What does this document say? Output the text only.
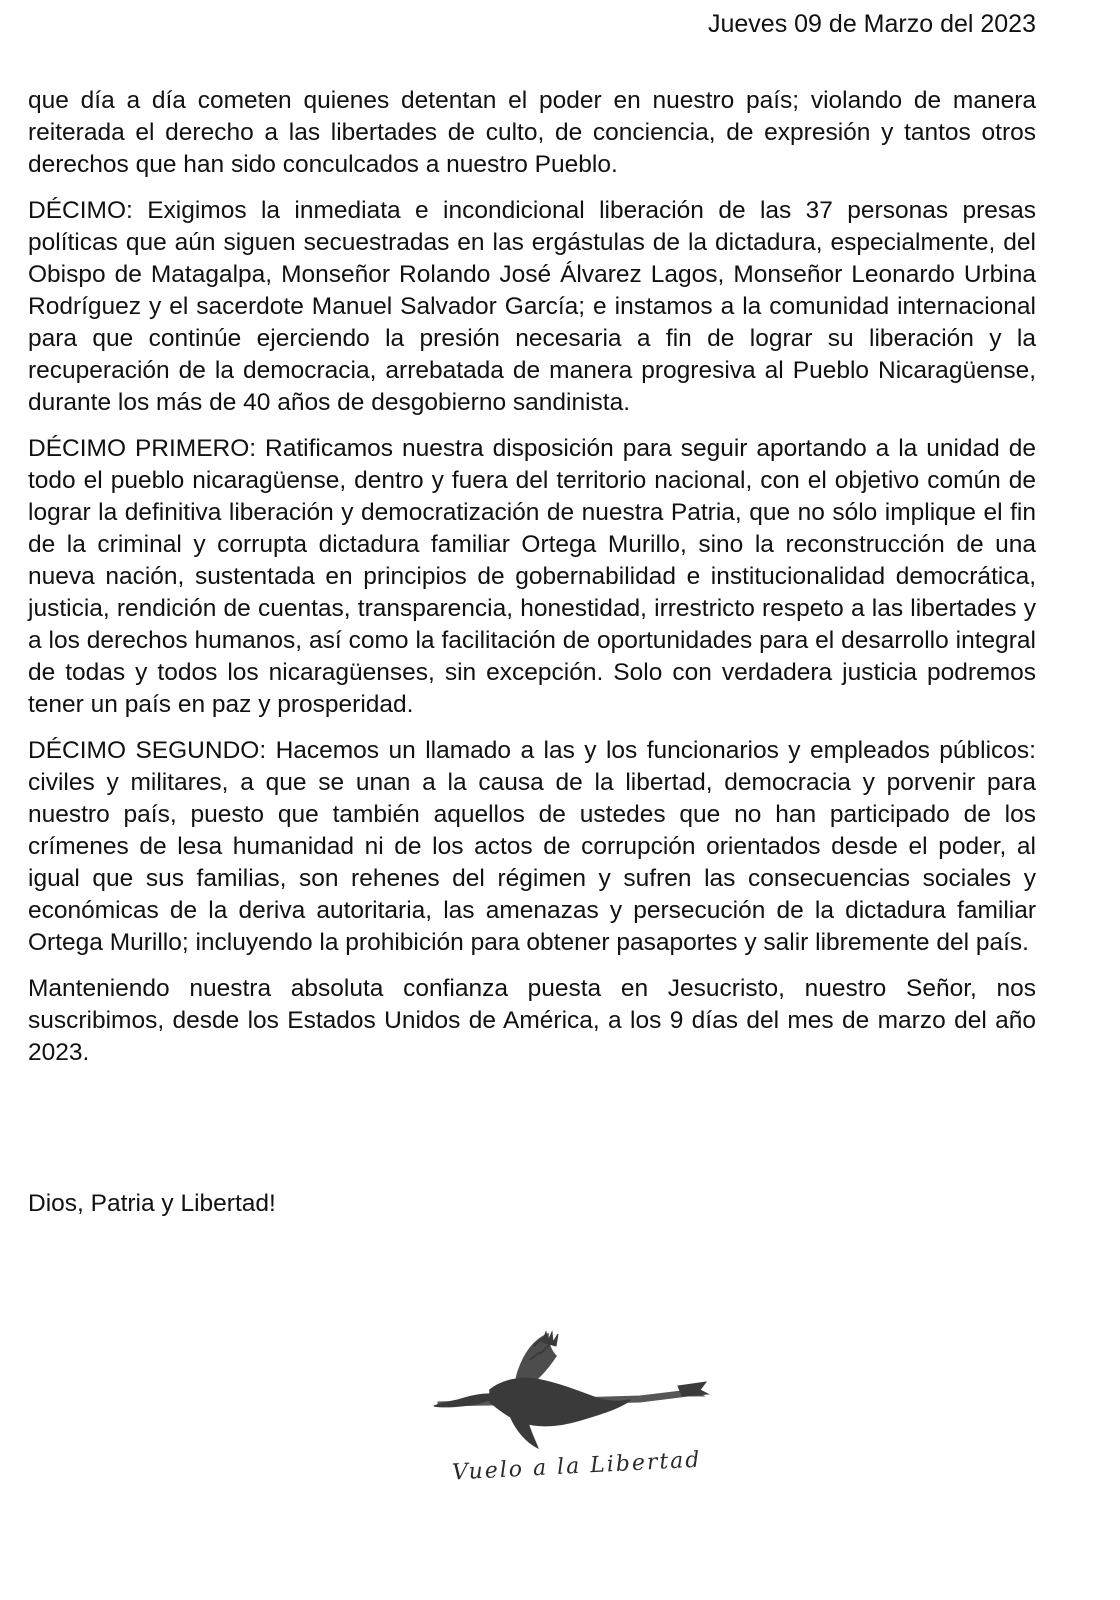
Jueves 09 de Marzo del 2023

que día a día cometen quienes detentan el poder en nuestro país; violando de manera reiterada el derecho a las libertades de culto, de conciencia, de expresión y tantos otros derechos que han sido conculcados a nuestro Pueblo.

DÉCIMO: Exigimos la inmediata e incondicional liberación de las 37 personas presas políticas que aún siguen secuestradas en las ergástulas de la dictadura, especialmente, del Obispo de Matagalpa, Monseñor Rolando José Álvarez Lagos, Monseñor Leonardo Urbina Rodríguez y el sacerdote Manuel Salvador García; e instamos a la comunidad internacional para que continúe ejerciendo la presión necesaria a fin de lograr su liberación y la recuperación de la democracia, arrebatada de manera progresiva al Pueblo Nicaragüense, durante los más de 40 años de desgobierno sandinista.

DÉCIMO PRIMERO: Ratificamos nuestra disposición para seguir aportando a la unidad de todo el pueblo nicaragüense, dentro y fuera del territorio nacional, con el objetivo común de lograr la definitiva liberación y democratización de nuestra Patria, que no sólo implique el fin de la criminal y corrupta dictadura familiar Ortega Murillo, sino la reconstrucción de una nueva nación, sustentada en principios de gobernabilidad e institucionalidad democrática, justicia, rendición de cuentas, transparencia, honestidad, irrestricto respeto a las libertades y a los derechos humanos, así como la facilitación de oportunidades para el desarrollo integral de todas y todos los nicaragüenses, sin excepción. Solo con verdadera justicia podremos tener un país en paz y prosperidad.

DÉCIMO SEGUNDO: Hacemos un llamado a las y los funcionarios y empleados públicos: civiles y militares, a que se unan a la causa de la libertad, democracia y porvenir para nuestro país, puesto que también aquellos de ustedes que no han participado de los crímenes de lesa humanidad ni de los actos de corrupción orientados desde el poder, al igual que sus familias, son rehenes del régimen y sufren las consecuencias sociales y económicas de la deriva autoritaria, las amenazas y persecución de la dictadura familiar Ortega Murillo; incluyendo la prohibición para obtener pasaportes y salir libremente del país.

Manteniendo nuestra absoluta confianza puesta en Jesucristo, nuestro Señor, nos suscribimos, desde los Estados Unidos de América, a los 9 días del mes de marzo del año 2023.

Dios, Patria y Libertad!

Vuelo a la Libertad
